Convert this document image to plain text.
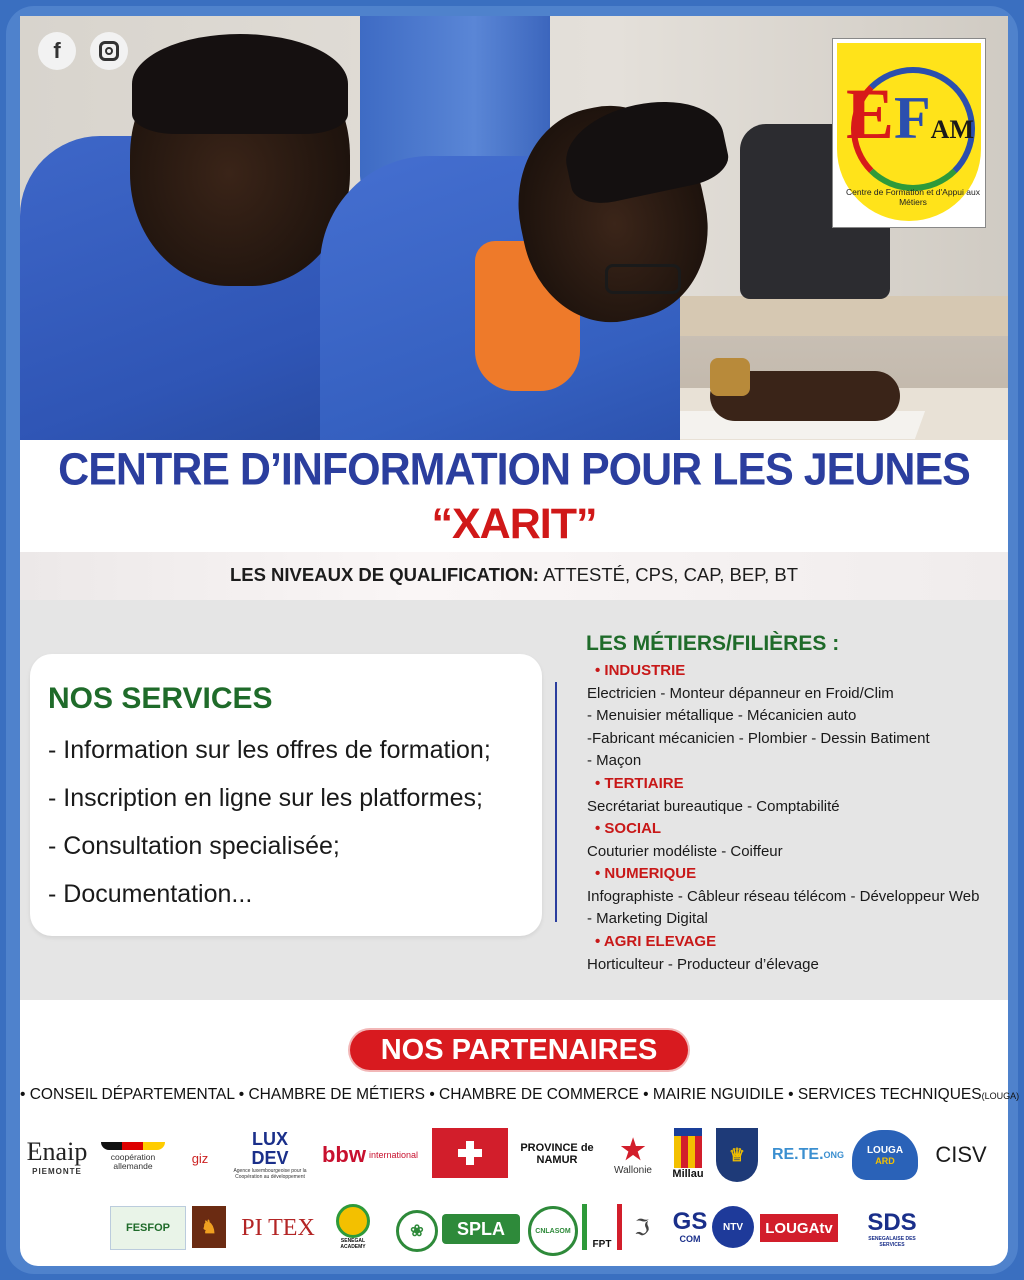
f
EFAM
Centre de Formation et d'Appui aux Métiers
CENTRE D’INFORMATION POUR LES JEUNES
“XARIT”
LES NIVEAUX DE QUALIFICATION: ATTESTÉ, CPS, CAP, BEP, BT
NOS SERVICES
- Information sur les offres de formation;
- Inscription en ligne sur les platformes;
- Consultation specialisée;
- Documentation...
LES MÉTIERS/FILIÈRES :
• INDUSTRIE
Electricien - Monteur dépanneur en Froid/Clim
- Menuisier métallique - Mécanicien auto
-Fabricant mécanicien - Plombier - Dessin Batiment
- Maçon
• TERTIAIRE
Secrétariat bureautique - Comptabilité
• SOCIAL
Couturier modéliste - Coiffeur
• NUMERIQUE
Infographiste - Câbleur réseau télécom - Développeur Web
- Marketing Digital
• AGRI ELEVAGE
Horticulteur - Producteur d’élevage
NOS PARTENAIRES
• CONSEIL DÉPARTEMENTAL • CHAMBRE DE MÉTIERS • CHAMBRE DE COMMERCE • MAIRIE NGUIDILE • SERVICES TECHNIQUES(LOUGA)
Enaip
PIEMONTE
coopération allemande	giz
LUX DEV
Agence luxembourgeoise pour la Coopération au développement
bbw international
PROVINCE de NAMUR	★
Wallonie Millau
♕ RE.TE. ONG LOUGA
ARD	CISV
FESFOP	♞	PI TEX
SENEGAL ACADEMY
❀	SPLA	CNLASOM
FPT
ℑ GS
COM
NTV	LOUGAtv SDS
SENEGALAISE DES SERVICES
